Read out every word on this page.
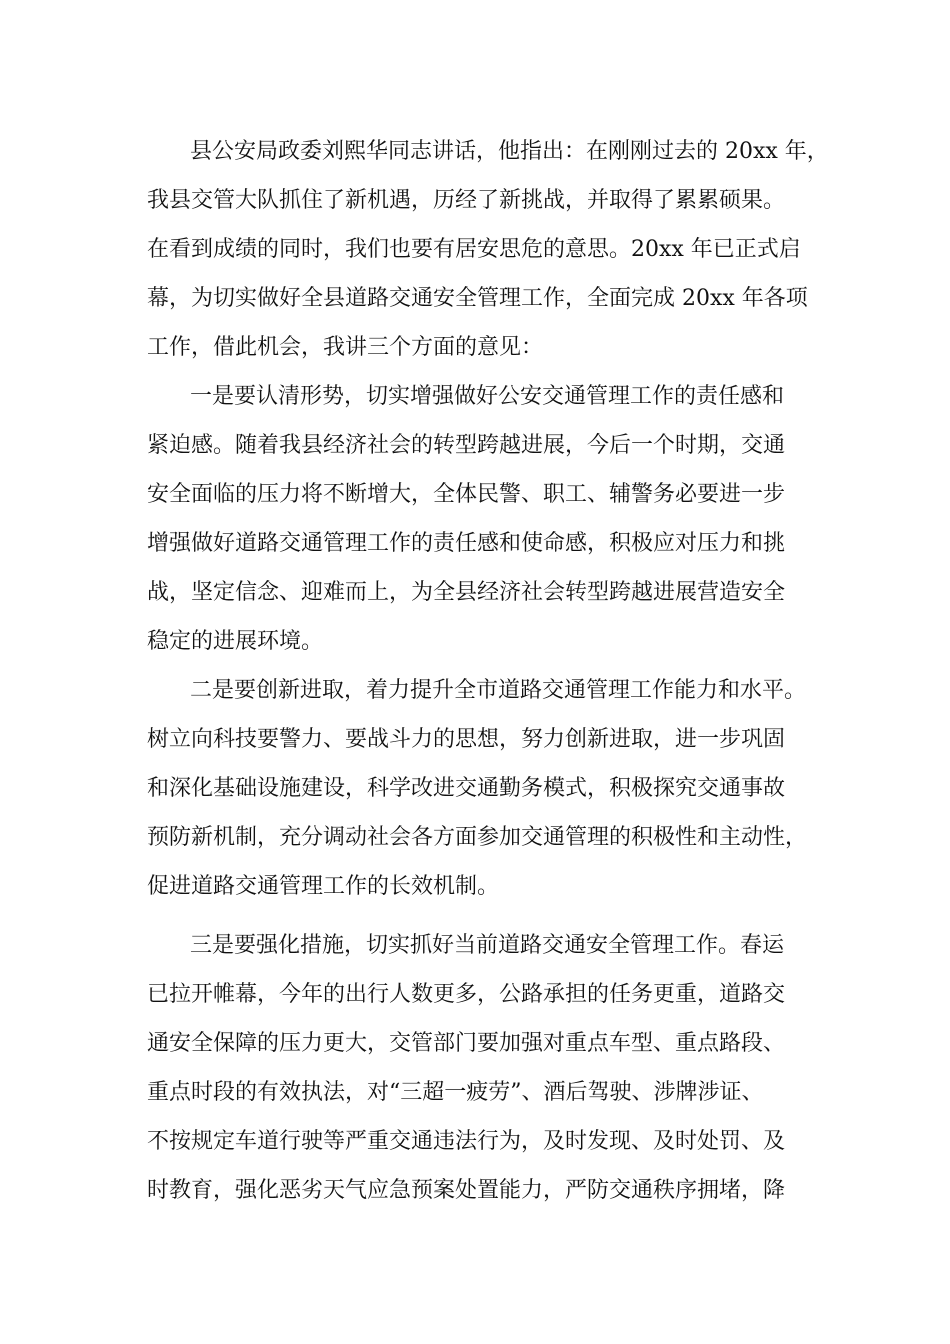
县公安局政委刘熙华同志讲话，他指出：在刚刚过去的 20xx 年，
我县交管大队抓住了新机遇，历经了新挑战，并取得了累累硕果。
在看到成绩的同时，我们也要有居安思危的意思。20xx 年已正式启
幕，为切实做好全县道路交通安全管理工作，全面完成 20xx 年各项
工作，借此机会，我讲三个方面的意见：
一是要认清形势，切实增强做好公安交通管理工作的责任感和
紧迫感。随着我县经济社会的转型跨越进展，今后一个时期，交通
安全面临的压力将不断增大，全体民警、职工、辅警务必要进一步
增强做好道路交通管理工作的责任感和使命感，积极应对压力和挑
战，坚定信念、迎难而上，为全县经济社会转型跨越进展营造安全
稳定的进展环境。
二是要创新进取，着力提升全市道路交通管理工作能力和水平。
树立向科技要警力、要战斗力的思想，努力创新进取，进一步巩固
和深化基础设施建设，科学改进交通勤务模式，积极探究交通事故
预防新机制，充分调动社会各方面参加交通管理的积极性和主动性，
促进道路交通管理工作的长效机制。
三是要强化措施，切实抓好当前道路交通安全管理工作。春运
已拉开帷幕，今年的出行人数更多，公路承担的任务更重，道路交
通安全保障的压力更大，交管部门要加强对重点车型、重点路段、
重点时段的有效执法，对“三超一疲劳”、酒后驾驶、涉牌涉证、
不按规定车道行驶等严重交通违法行为，及时发现、及时处罚、及
时教育，强化恶劣天气应急预案处置能力，严防交通秩序拥堵，降
